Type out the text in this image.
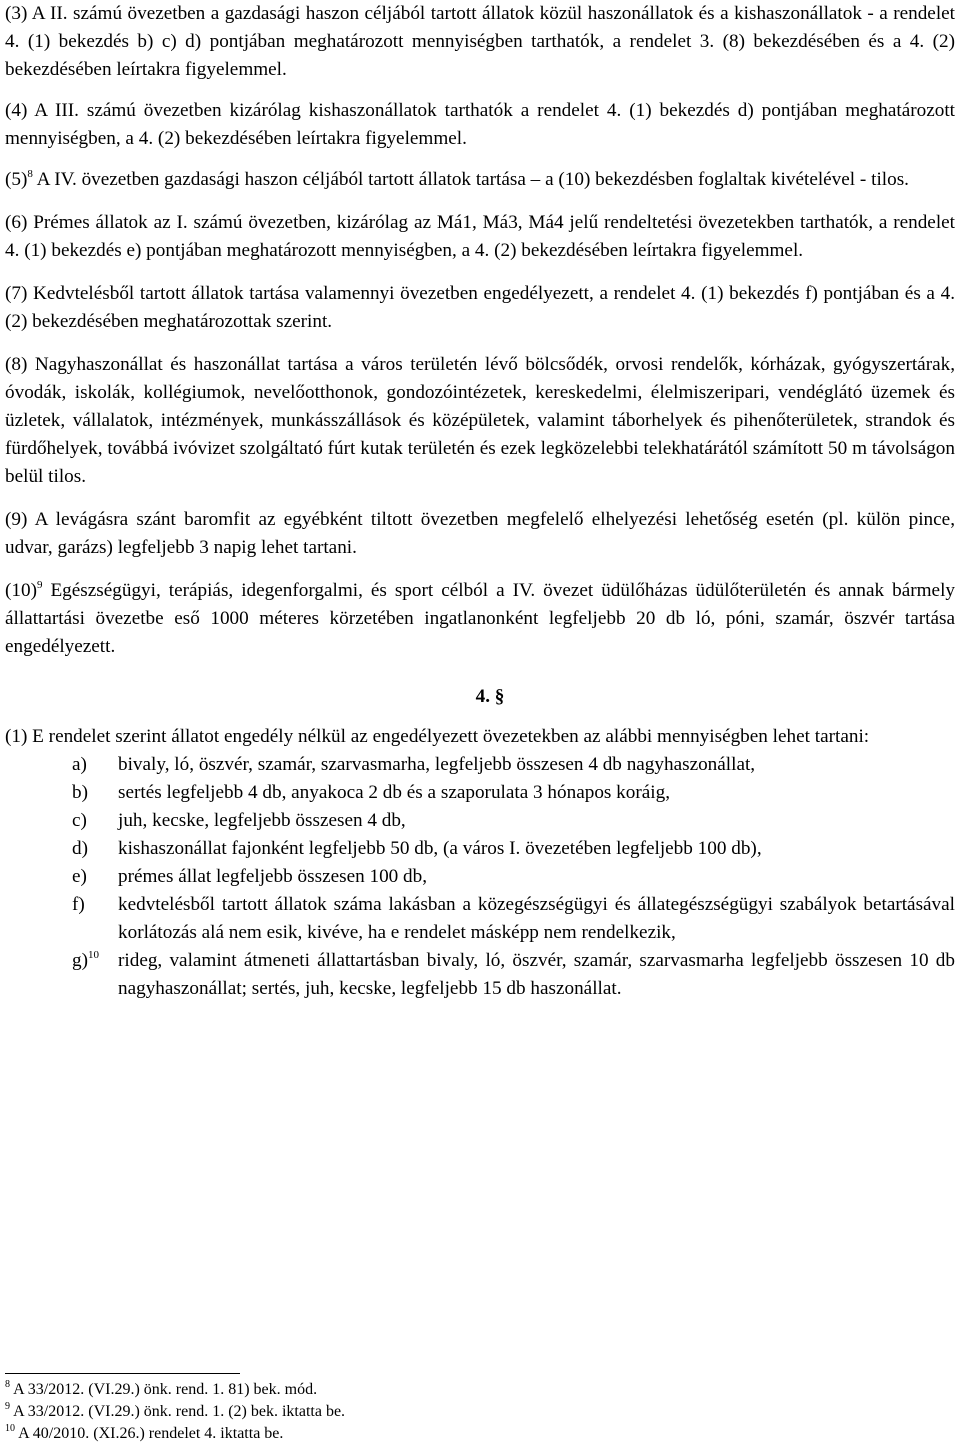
(3) A II. számú övezetben a gazdasági haszon céljából tartott állatok közül haszonállatok és a kishaszonállatok - a rendelet 4. (1) bekezdés b) c) d) pontjában meghatározott mennyiségben tarthatók, a rendelet 3. (8) bekezdésében és a 4. (2) bekezdésében leírtakra figyelemmel.

(4) A III. számú övezetben kizárólag kishaszonállatok tarthatók a rendelet 4. (1) bekezdés d) pontjában meghatározott mennyiségben, a 4. (2) bekezdésében leírtakra figyelemmel.

$(5)^8$ A IV. övezetben gazdasági haszon céljából tartott állatok tartása – a (10) bekezdésben foglaltak kivételével - tilos.

(6) Prémes állatok az I. számú övezetben, kizárólag az Má1, Má3, Má4 jelű rendeltetési övezetekben tarthatók, a rendelet 4. (1) bekezdés e) pontjában meghatározott mennyiségben, a 4. (2) bekezdésében leírtakra figyelemmel.

(7) Kedvtelésből tartott állatok tartása valamennyi övezetben engedélyezett, a rendelet 4. (1) bekezdés f) pontjában és a 4. (2) bekezdésében meghatározottak szerint.

(8) Nagyhaszonállat és haszonállat tartása a város területén lévő bölcsődék, orvosi rendelők, kórházak, gyógyszertárak, óvodák, iskolák, kollégiumok, nevelőotthonok, gondozóintézetek, kereskedelmi, élelmiszeripari, vendéglátó üzemek és üzletek, vállalatok, intézmények, munkásszállások és középületek, valamint táborhelyek és pihenőterületek, strandok és fürdőhelyek, továbbá ivóvizet szolgáltató fúrt kutak területén és ezek legközelebbi telekhatárától számított 50 m távolságon belül tilos.

(9) A levágásra szánt baromfit az egyébként tiltott övezetben megfelelő elhelyezési lehetőség esetén (pl. külön pince, udvar, garázs) legfeljebb 3 napig lehet tartani.

$(10)^9$ Egészségügyi, terápiás, idegenforgalmi, és sport célból a IV. övezet üdülőházas üdülőterületén és annak bármely állattartási övezetbe eső 1000 méteres körzetében ingatlanonként legfeljebb 20 db ló, póni, szamár, öszvér tartása engedélyezett.

4. §

(1) E rendelet szerint állatot engedély nélkül az engedélyezett övezetekben az alábbi mennyiségben lehet tartani:

a)	bivaly, ló, öszvér, szamár, szarvasmarha, legfeljebb összesen 4 db nagyhaszonállat,
b)	sertés legfeljebb 4 db, anyakoca 2 db és a szaporulata 3 hónapos koráig,
c)	juh, kecske, legfeljebb összesen 4 db,
d)	kishaszonállat fajonként legfeljebb 50 db, (a város I. övezetében legfeljebb 100 db),
e)	prémes állat legfeljebb összesen 100 db,
f)	kedvtelésből tartott állatok száma lakásban a közegészségügyi és állategészségügyi szabályok betartásával korlátozás alá nem esik, kivéve, ha e rendelet másképp nem rendelkezik,
g)$^{10}$ rideg, valamint átmeneti állattartásban bivaly, ló, öszvér, szamár, szarvasmarha legfeljebb összesen 10 db nagyhaszonállat; sertés, juh, kecske, legfeljebb 15 db haszonállat.

$^8$ A 33/2012. (VI.29.) önk. rend. 1. 81) bek. mód.

$^9$ A 33/2012. (VI.29.) önk. rend. 1. (2) bek. iktatta be.

$^{10}$ A 40/2010. (XI.26.) rendelet 4. iktatta be.
